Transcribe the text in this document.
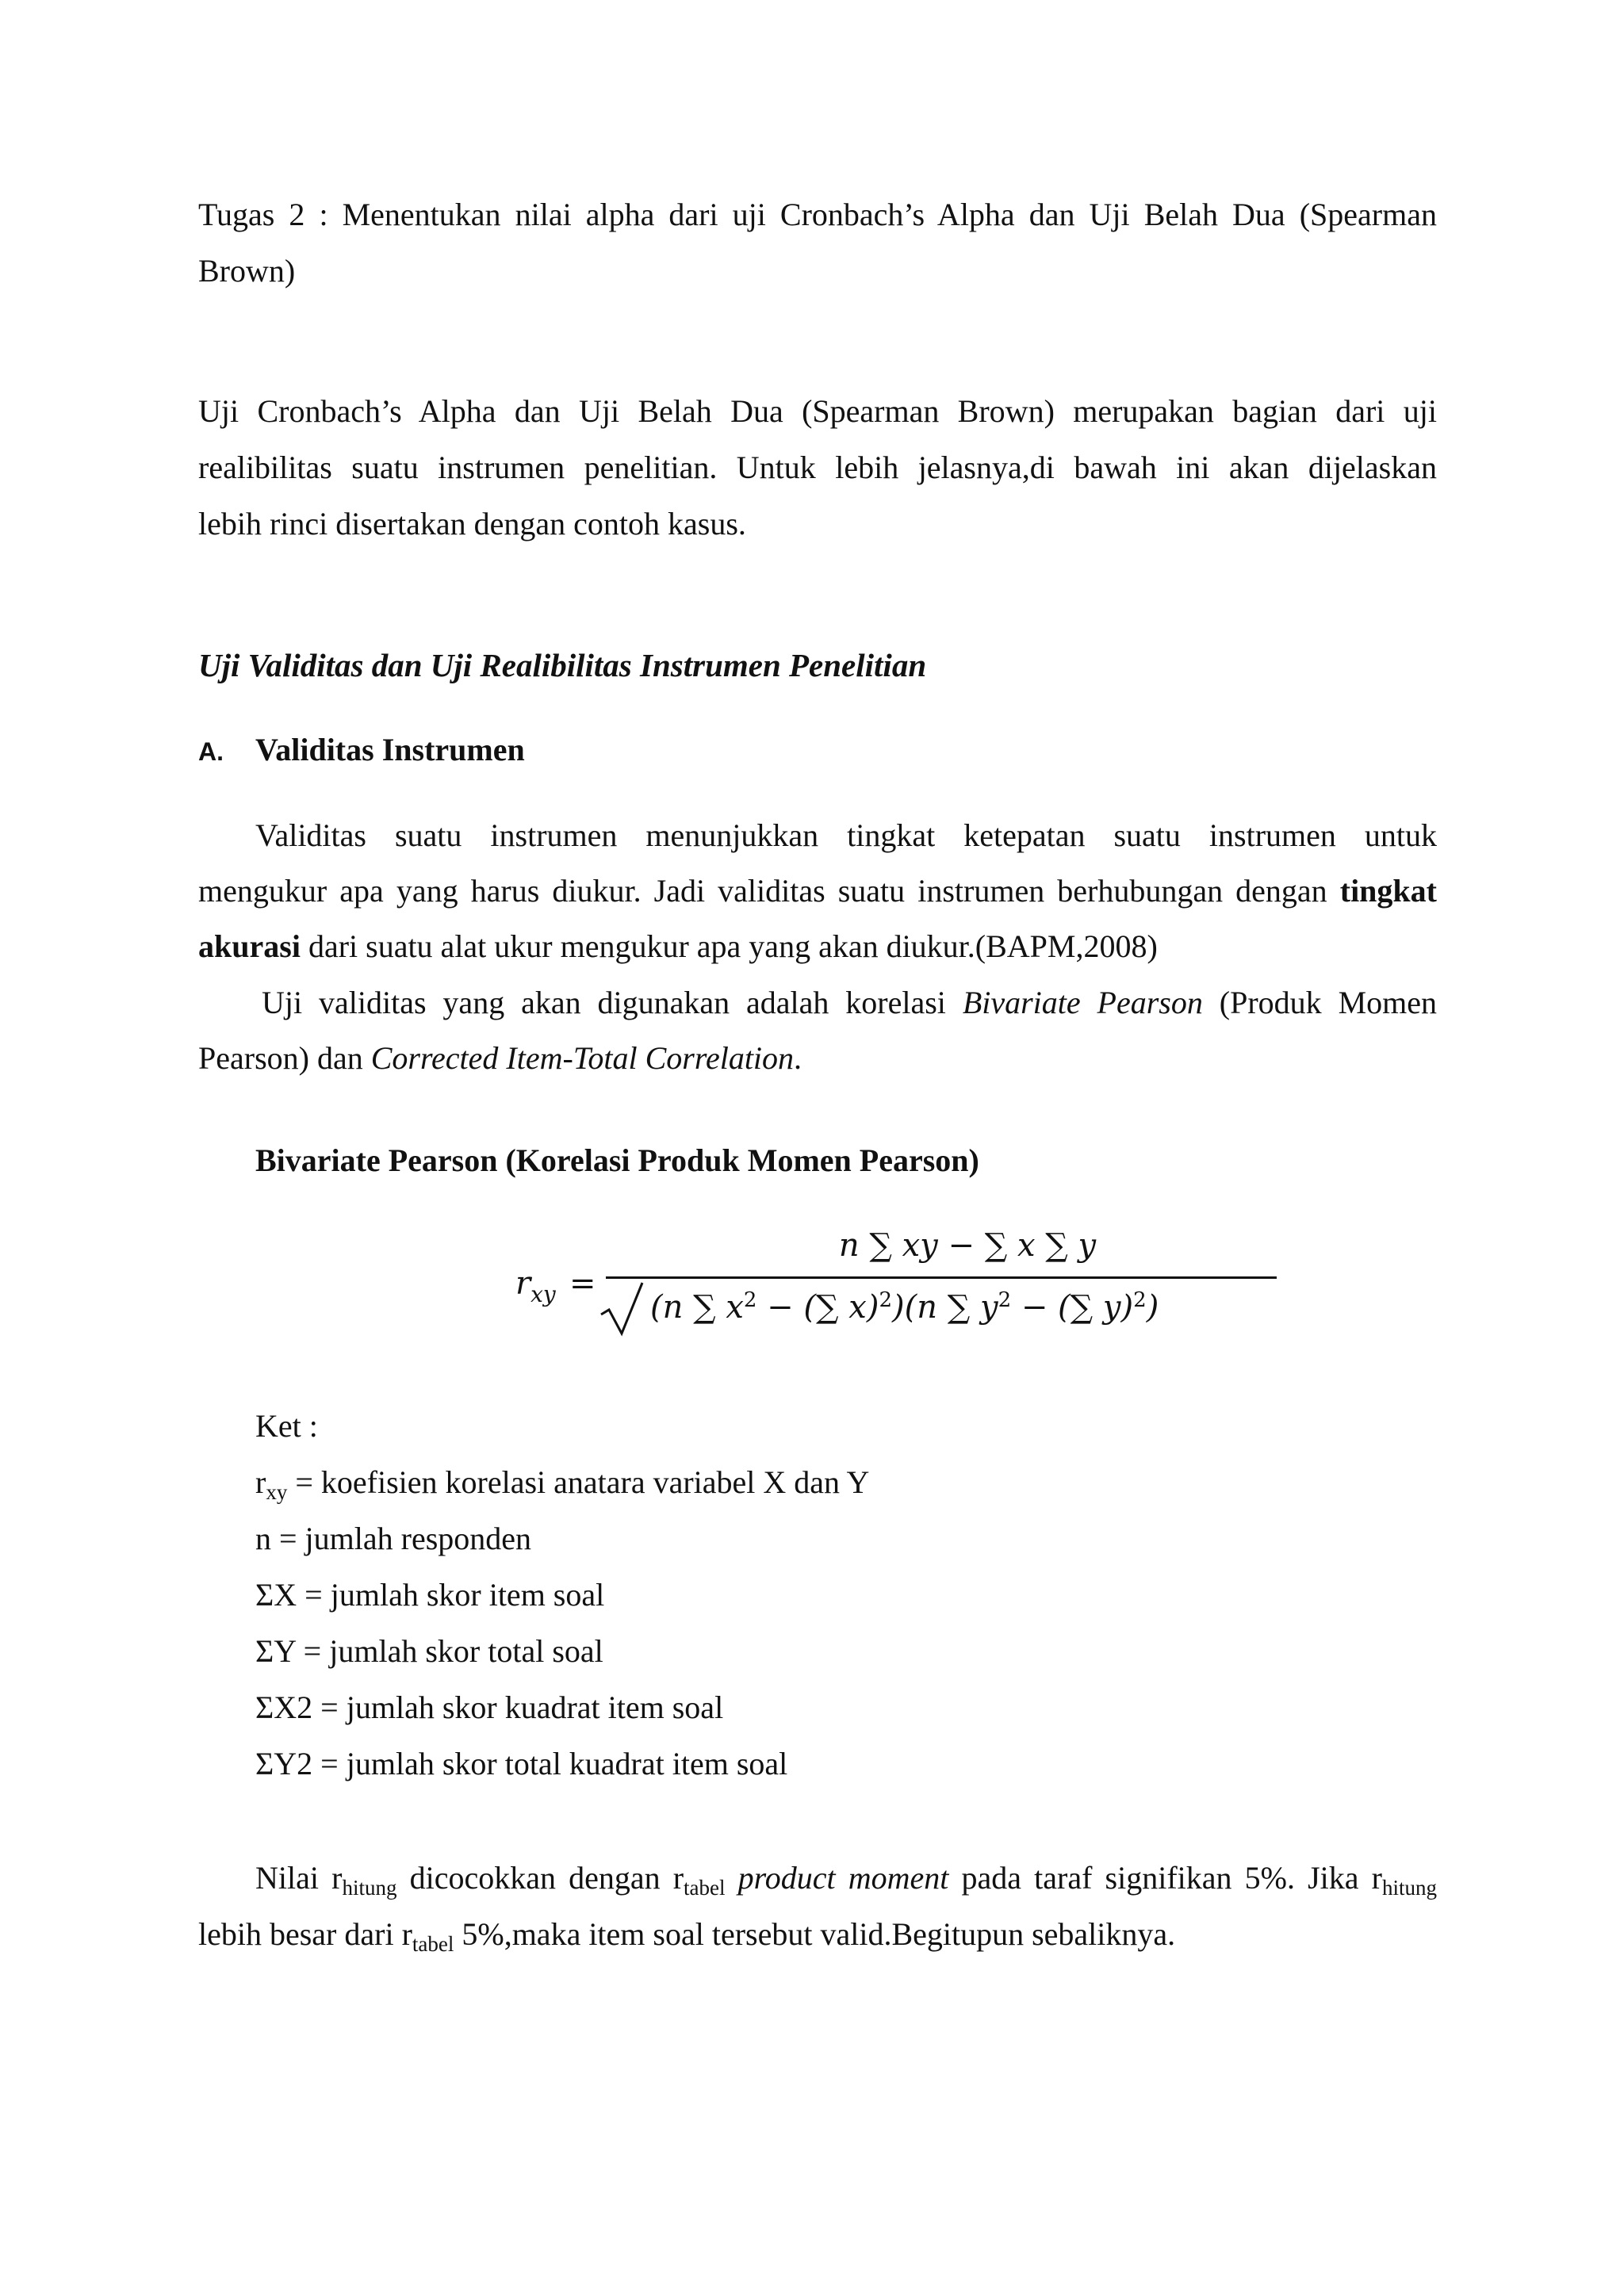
Tugas 2 : Menentukan nilai alpha dari uji Cronbach’s Alpha dan Uji Belah Dua (Spearman
Brown)
Uji Cronbach’s Alpha dan Uji Belah Dua (Spearman Brown) merupakan bagian dari uji
realibilitas suatu instrumen penelitian. Untuk lebih jelasnya,di bawah ini akan dijelaskan
lebih rinci disertakan dengan contoh kasus.
Uji Validitas dan Uji Realibilitas Instrumen Penelitian
A. Validitas Instrumen
Validitas suatu instrumen menunjukkan tingkat ketepatan suatu instrumen untuk
mengukur apa yang harus diukur. Jadi validitas suatu instrumen berhubungan dengan tingkat
akurasi dari suatu alat ukur mengukur apa yang akan diukur.(BAPM,2008)
Uji validitas yang akan digunakan adalah korelasi Bivariate Pearson (Produk Momen
Pearson) dan Corrected Item-Total Correlation.
Bivariate Pearson (Korelasi Produk Momen Pearson)
$r_{xy}$ =
n ∑ xy − ∑ x ∑ y
(n ∑ $x^2$ − (∑ x)$^2$)(n ∑ $y^2$ − (∑ y)$^2$)
Ket :
$r_{xy}$ = koefisien korelasi anatara variabel X dan Y
n = jumlah responden
ΣX = jumlah skor item soal
ΣY = jumlah skor total soal
ΣX2 = jumlah skor kuadrat item soal
ΣY2 = jumlah skor total kuadrat item soal
Nilai $r_{hitung}$ dicocokkan dengan $r_{tabel}$ product moment pada taraf signifikan 5%. Jika $r_{hitung}$
lebih besar dari $r_{tabel}$ 5%,maka item soal tersebut valid.Begitupun sebaliknya.
